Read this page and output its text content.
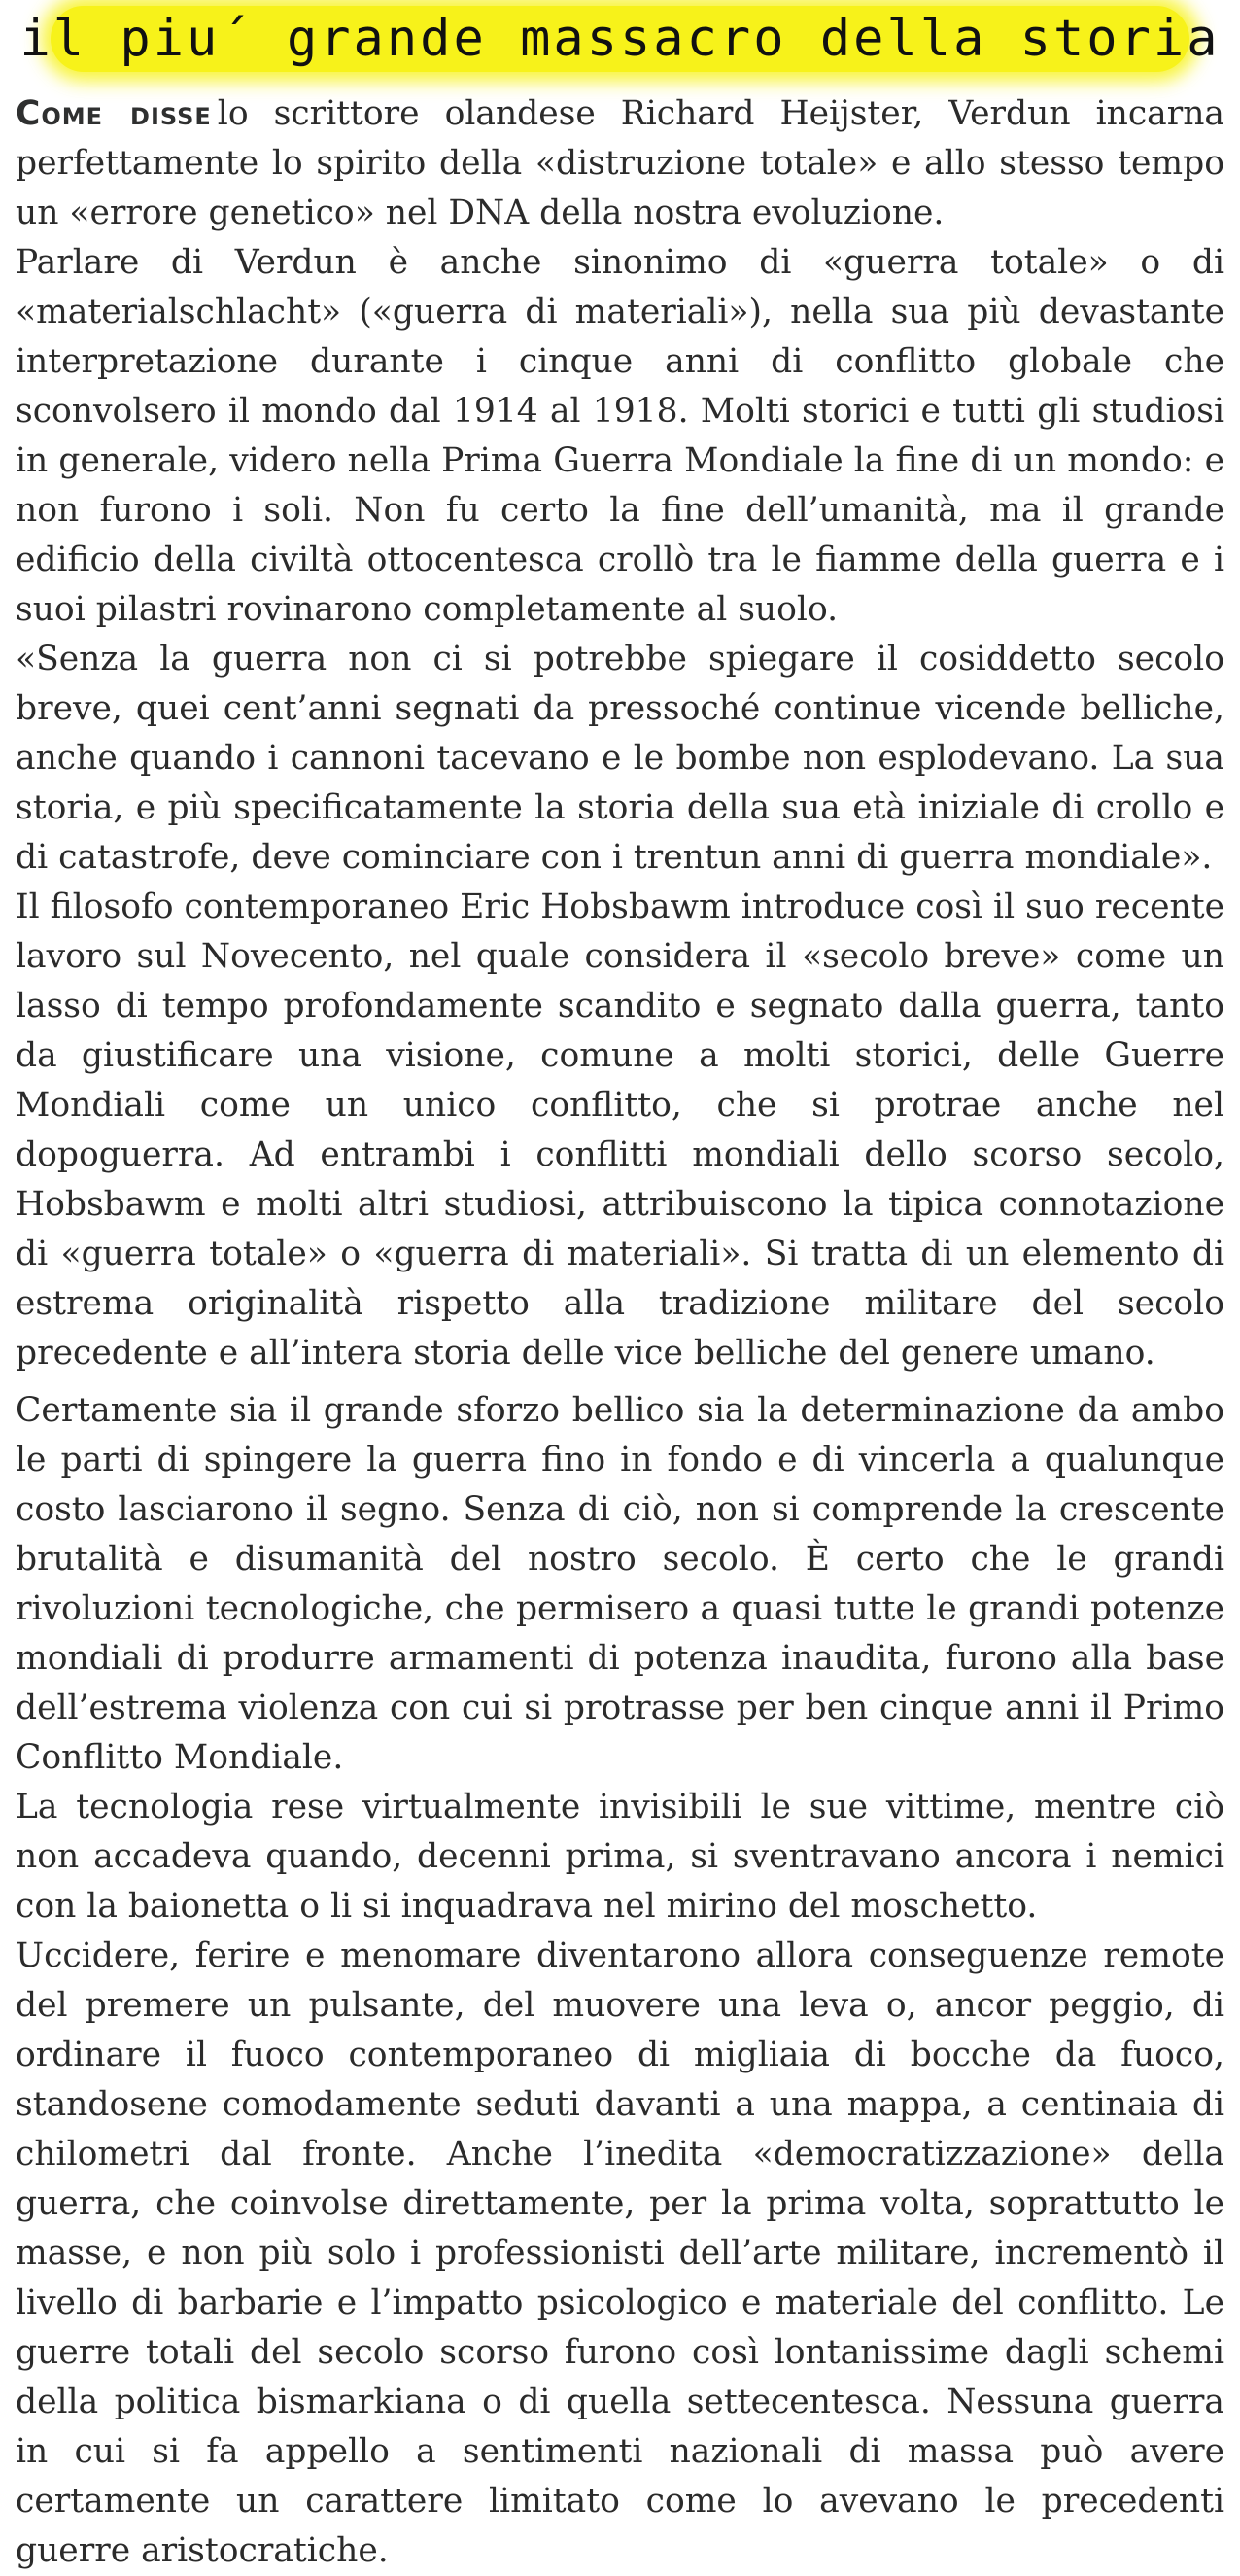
il piu´ grande massacro della storia

Come disse lo scrittore olandese Richard Heijster, Verdun incarna perfettamente lo spirito della «distruzione totale» e allo stesso tempo un «errore genetico» nel DNA della nostra evoluzione.

Parlare di Verdun è anche sinonimo di «guerra totale» o di «materialschlacht» («guerra di materiali»), nella sua più devastante interpretazione durante i cinque anni di conflitto globale che sconvolsero il mondo dal 1914 al 1918. Molti storici e tutti gli studiosi in generale, videro nella Prima Guerra Mondiale la fine di un mondo: e non furono i soli. Non fu certo la fine dell’umanità, ma il grande edificio della civiltà ottocentesca crollò tra le fiamme della guerra e i suoi pilastri rovinarono completamente al suolo.

«Senza la guerra non ci si potrebbe spiegare il cosiddetto secolo breve, quei cent’anni segnati da pressoché continue vicende belliche, anche quando i cannoni tacevano e le bombe non esplodevano. La sua storia, e più specificatamente la storia della sua età iniziale di crollo e di catastrofe, deve cominciare con i trentun anni di guerra mondiale».

Il filosofo contemporaneo Eric Hobsbawm introduce così il suo recente lavoro sul Novecento, nel quale considera il «secolo breve» come un lasso di tempo profondamente scandito e segnato dalla guerra, tanto da giustificare una visione, comune a molti storici, delle Guerre Mondiali come un unico conflitto, che si protrae anche nel dopoguerra. Ad entrambi i conflitti mondiali dello scorso secolo, Hobsbawm e molti altri studiosi, attribuiscono la tipica connotazione di «guerra totale» o «guerra di materiali». Si tratta di un elemento di estrema originalità rispetto alla tradizione militare del secolo precedente e all’intera storia delle vice belliche del genere umano.

Certamente sia il grande sforzo bellico sia la determinazione da ambo le parti di spingere la guerra fino in fondo e di vincerla a qualunque costo lasciarono il segno. Senza di ciò, non si comprende la crescente brutalità e disumanità del nostro secolo. È certo che le grandi rivoluzioni tecnologiche, che permisero a quasi tutte le grandi potenze mondiali di produrre armamenti di potenza inaudita, furono alla base dell’estrema violenza con cui si protrasse per ben cinque anni il Primo Conflitto Mondiale.

La tecnologia rese virtualmente invisibili le sue vittime, mentre ciò non accadeva quando, decenni prima, si sventravano ancora i nemici con la baionetta o li si inquadrava nel mirino del moschetto.

Uccidere, ferire e menomare diventarono allora conseguenze remote del premere un pulsante, del muovere una leva o, ancor peggio, di ordinare il fuoco contemporaneo di migliaia di bocche da fuoco, standosene comodamente seduti davanti a una mappa, a centinaia di chilometri dal fronte. Anche l’inedita «democratizzazione» della guerra, che coinvolse direttamente, per la prima volta, soprattutto le masse, e non più solo i professionisti dell’arte militare, incrementò il livello di barbarie e l’impatto psicologico e materiale del conflitto. Le guerre totali del secolo scorso furono così lontanissime dagli schemi della politica bismarkiana o di quella settecentesca. Nessuna guerra in cui si fa appello a sentimenti nazionali di massa può avere certamente un carattere limitato come lo avevano le precedenti guerre aristocratiche.
